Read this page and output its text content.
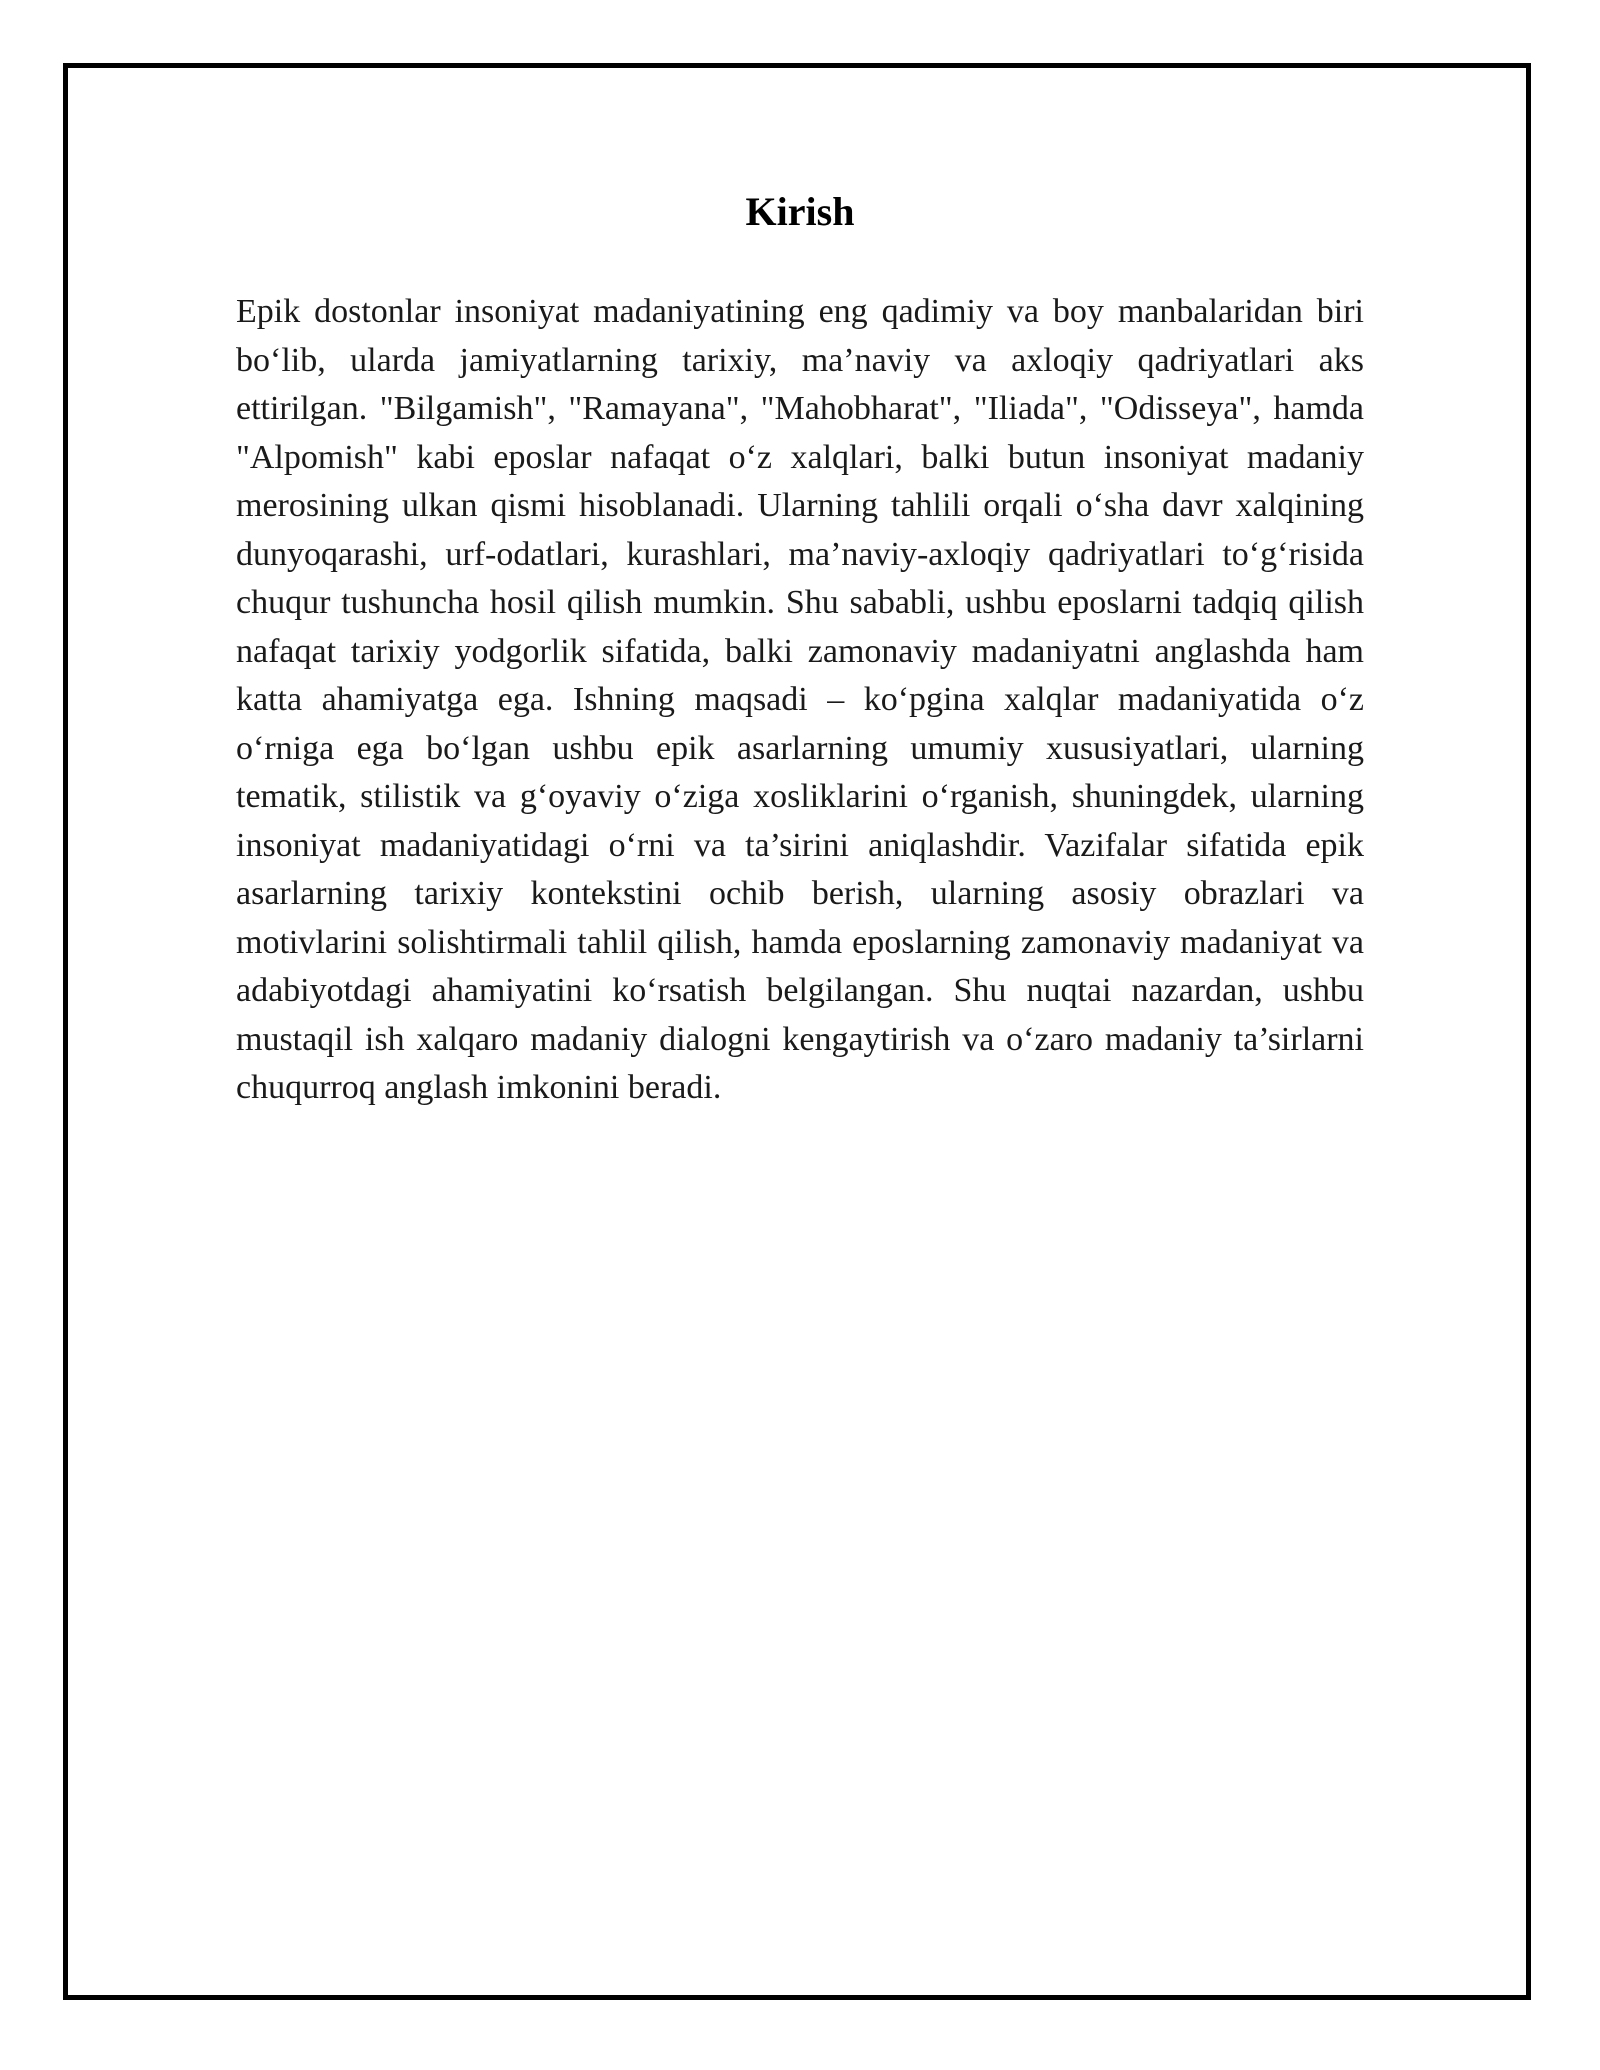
Kirish

Epik dostonlar insoniyat madaniyatining eng qadimiy va boy manbalaridan biri bo‘lib, ularda jamiyatlarning tarixiy, ma’naviy va axloqiy qadriyatlari aks ettirilgan. "Bilgamish", "Ramayana", "Mahobharat", "Iliada", "Odisseya", hamda "Alpomish" kabi eposlar nafaqat o‘z xalqlari, balki butun insoniyat madaniy merosining ulkan qismi hisoblanadi. Ularning tahlili orqali o‘sha davr xalqining dunyoqarashi, urf-odatlari, kurashlari, ma’naviy-axloqiy qadriyatlari to‘g‘risida chuqur tushuncha hosil qilish mumkin. Shu sababli, ushbu eposlarni tadqiq qilish nafaqat tarixiy yodgorlik sifatida, balki zamonaviy madaniyatni anglashda ham katta ahamiyatga ega. Ishning maqsadi – ko‘pgina xalqlar madaniyatida o‘z o‘rniga ega bo‘lgan ushbu epik asarlarning umumiy xususiyatlari, ularning tematik, stilistik va g‘oyaviy o‘ziga xosliklarini o‘rganish, shuningdek, ularning insoniyat madaniyatidagi o‘rni va ta’sirini aniqlashdir. Vazifalar sifatida epik asarlarning tarixiy kontekstini ochib berish, ularning asosiy obrazlari va motivlarini solishtirmali tahlil qilish, hamda eposlarning zamonaviy madaniyat va adabiyotdagi ahamiyatini ko‘rsatish belgilangan. Shu nuqtai nazardan, ushbu mustaqil ish xalqaro madaniy dialogni kengaytirish va o‘zaro madaniy ta’sirlarni chuqurroq anglash imkonini beradi.
